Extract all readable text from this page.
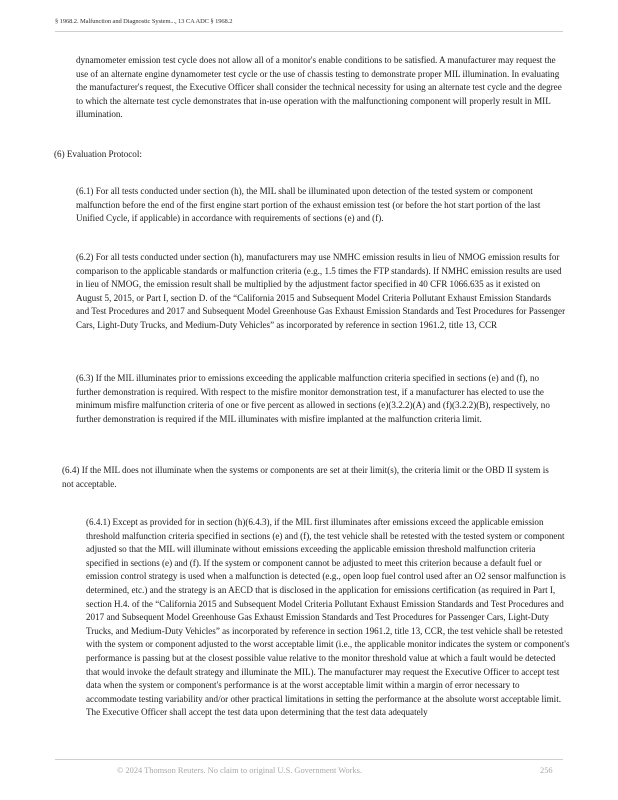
§ 1968.2. Malfunction and Diagnostic System..., 13 CA ADC § 1968.2

dynamometer emission test cycle does not allow all of a monitor's enable conditions to be satisfied. A manufacturer may request the use of an alternate engine dynamometer test cycle or the use of chassis testing to demonstrate proper MIL illumination. In evaluating the manufacturer's request, the Executive Officer shall consider the technical necessity for using an alternate test cycle and the degree to which the alternate test cycle demonstrates that in-use operation with the malfunctioning component will properly result in MIL illumination.

(6) Evaluation Protocol:

(6.1) For all tests conducted under section (h), the MIL shall be illuminated upon detection of the tested system or component malfunction before the end of the first engine start portion of the exhaust emission test (or before the hot start portion of the last Unified Cycle, if applicable) in accordance with requirements of sections (e) and (f).

(6.2) For all tests conducted under section (h), manufacturers may use NMHC emission results in lieu of NMOG emission results for comparison to the applicable standards or malfunction criteria (e.g., 1.5 times the FTP standards). If NMHC emission results are used in lieu of NMOG, the emission result shall be multiplied by the adjustment factor specified in 40 CFR 1066.635 as it existed on August 5, 2015, or Part I, section D. of the “California 2015 and Subsequent Model Criteria Pollutant Exhaust Emission Standards and Test Procedures and 2017 and Subsequent Model Greenhouse Gas Exhaust Emission Standards and Test Procedures for Passenger Cars, Light-Duty Trucks, and Medium-Duty Vehicles” as incorporated by reference in section 1961.2, title 13, CCR

(6.3) If the MIL illuminates prior to emissions exceeding the applicable malfunction criteria specified in sections (e) and (f), no further demonstration is required. With respect to the misfire monitor demonstration test, if a manufacturer has elected to use the minimum misfire malfunction criteria of one or five percent as allowed in sections (e)(3.2.2)(A) and (f)(3.2.2)(B), respectively, no further demonstration is required if the MIL illuminates with misfire implanted at the malfunction criteria limit.

(6.4) If the MIL does not illuminate when the systems or components are set at their limit(s), the criteria limit or the OBD II system is not acceptable.

(6.4.1) Except as provided for in section (h)(6.4.3), if the MIL first illuminates after emissions exceed the applicable emission threshold malfunction criteria specified in sections (e) and (f), the test vehicle shall be retested with the tested system or component adjusted so that the MIL will illuminate without emissions exceeding the applicable emission threshold malfunction criteria specified in sections (e) and (f). If the system or component cannot be adjusted to meet this criterion because a default fuel or emission control strategy is used when a malfunction is detected (e.g., open loop fuel control used after an O2 sensor malfunction is determined, etc.) and the strategy is an AECD that is disclosed in the application for emissions certification (as required in Part I, section H.4. of the “California 2015 and Subsequent Model Criteria Pollutant Exhaust Emission Standards and Test Procedures and 2017 and Subsequent Model Greenhouse Gas Exhaust Emission Standards and Test Procedures for Passenger Cars, Light-Duty Trucks, and Medium-Duty Vehicles” as incorporated by reference in section 1961.2, title 13, CCR, the test vehicle shall be retested with the system or component adjusted to the worst acceptable limit (i.e., the applicable monitor indicates the system or component's performance is passing but at the closest possible value relative to the monitor threshold value at which a fault would be detected that would invoke the default strategy and illuminate the MIL). The manufacturer may request the Executive Officer to accept test data when the system or component's performance is at the worst acceptable limit within a margin of error necessary to accommodate testing variability and/or other practical limitations in setting the performance at the absolute worst acceptable limit. The Executive Officer shall accept the test data upon determining that the test data adequately

© 2024 Thomson Reuters. No claim to original U.S. Government Works.	256
